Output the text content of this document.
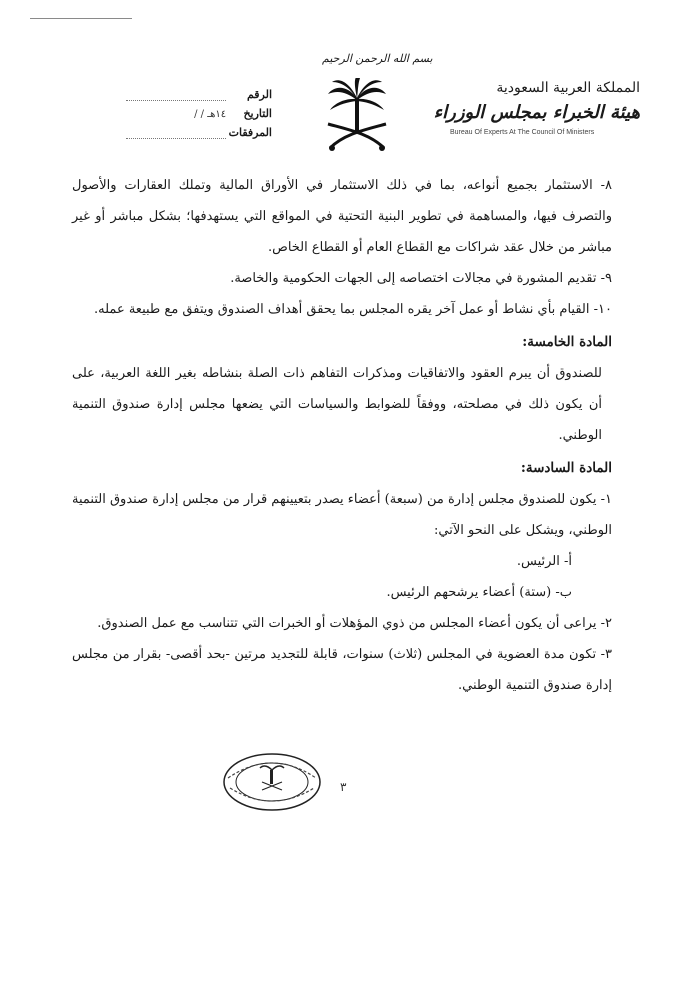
الرقم
التاريخ / / ١٤هـ
المرفقات
بسم الله الرحمن الرحيم
المملكة العربية السعودية
هيئة الخبراء بمجلس الوزراء
Bureau Of Experts At The Council Of Ministers

٨- الاستثمار بجميع أنواعه، بما في ذلك الاستثمار في الأوراق المالية وتملك العقارات والأصول والتصرف فيها، والمساهمة في تطوير البنية التحتية في المواقع التي يستهدفها؛ بشكل مباشر أو غير مباشر من خلال عقد شراكات مع القطاع العام أو القطاع الخاص.

٩- تقديم المشورة في مجالات اختصاصه إلى الجهات الحكومية والخاصة.

١٠- القيام بأي نشاط أو عمل آخر يقره المجلس بما يحقق أهداف الصندوق ويتفق مع طبيعة عمله.

المادة الخامسة:

للصندوق أن يبرم العقود والاتفاقيات ومذكرات التفاهم ذات الصلة بنشاطه بغير اللغة العربية، على أن يكون ذلك في مصلحته، ووفقاً للضوابط والسياسات التي يضعها مجلس إدارة صندوق التنمية الوطني.

المادة السادسة:

١- يكون للصندوق مجلس إدارة من (سبعة) أعضاء يصدر بتعيينهم قرار من مجلس إدارة صندوق التنمية الوطني، ويشكل على النحو الآتي:

أ- الرئيس.

ب- (ستة) أعضاء يرشحهم الرئيس.

٢- يراعى أن يكون أعضاء المجلس من ذوي المؤهلات أو الخبرات التي تتناسب مع عمل الصندوق.

٣- تكون مدة العضوية في المجلس (ثلاث) سنوات، قابلة للتجديد مرتين -بحد أقصى- بقرار من مجلس إدارة صندوق التنمية الوطني.

٣
